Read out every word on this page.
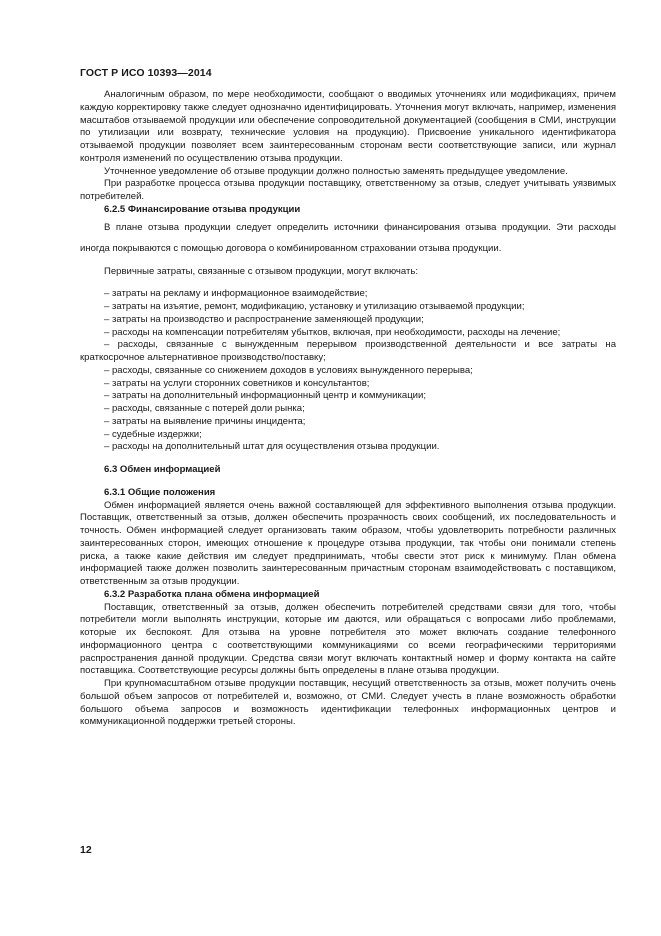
ГОСТ Р ИСО 10393—2014

Аналогичным образом, по мере необходимости, сообщают о вводимых уточнениях или модификациях, причем каждую корректировку также следует однозначно идентифицировать. Уточнения могут включать, например, изменения масштабов отзываемой продукции или обеспечение сопроводительной документацией (сообщения в СМИ, инструкции по утилизации или возврату, технические условия на продукцию). Присвоение уникального идентификатора отзываемой продукции позволяет всем заинтересованным сторонам вести соответствующие записи, или журнал контроля изменений по осуществлению отзыва продукции.

Уточненное уведомление об отзыве продукции должно полностью заменять предыдущее уведомление.

При разработке процесса отзыва продукции поставщику, ответственному за отзыв, следует учитывать уязвимых потребителей.

6.2.5 Финансирование отзыва продукции

В плане отзыва продукции следует определить источники финансирования отзыва продукции. Эти расходы иногда покрываются с помощью договора о комбинированном страховании отзыва продукции.

Первичные затраты, связанные с отзывом продукции, могут включать:

– затраты на рекламу и информационное взаимодействие;
– затраты на изъятие, ремонт, модификацию, установку и утилизацию отзываемой продукции;
– затраты на производство и распространение заменяющей продукции;
– расходы на компенсации потребителям убытков, включая, при необходимости, расходы на лечение;
– расходы, связанные с вынужденным перерывом производственной деятельности и все затраты на краткосрочное альтернативное производство/поставку;
– расходы, связанные со снижением доходов в условиях вынужденного перерыва;
– затраты на услуги сторонних советников и консультантов;
– затраты на дополнительный информационный центр и коммуникации;
– расходы, связанные с потерей доли рынка;
– затраты на выявление причины инцидента;
– судебные издержки;
– расходы на дополнительный штат для осуществления отзыва продукции.

6.3 Обмен информацией

6.3.1 Общие положения

Обмен информацией является очень важной составляющей для эффективного выполнения отзыва продукции. Поставщик, ответственный за отзыв, должен обеспечить прозрачность своих сообщений, их последовательность и точность. Обмен информацией следует организовать таким образом, чтобы удовлетворить потребности различных заинтересованных сторон, имеющих отношение к процедуре отзыва продукции, так чтобы они понимали степень риска, а также какие действия им следует предпринимать, чтобы свести этот риск к минимуму. План обмена информацией также должен позволить заинтересованным причастным сторонам взаимодействовать с поставщиком, ответственным за отзыв продукции.

6.3.2 Разработка плана обмена информацией

Поставщик, ответственный за отзыв, должен обеспечить потребителей средствами связи для того, чтобы потребители могли выполнять инструкции, которые им даются, или обращаться с вопросами либо проблемами, которые их беспокоят. Для отзыва на уровне потребителя это может включать создание телефонного информационного центра с соответствующими коммуникациями со всеми географическими территориями распространения данной продукции. Средства связи могут включать контактный номер и форму контакта на сайте поставщика. Соответствующие ресурсы должны быть определены в плане отзыва продукции.

При крупномасштабном отзыве продукции поставщик, несущий ответственность за отзыв, может получить очень большой объем запросов от потребителей и, возможно, от СМИ. Следует учесть в плане возможность обработки большого объема запросов и возможность идентификации телефонных информационных центров и коммуникационной поддержки третьей стороны.

12
